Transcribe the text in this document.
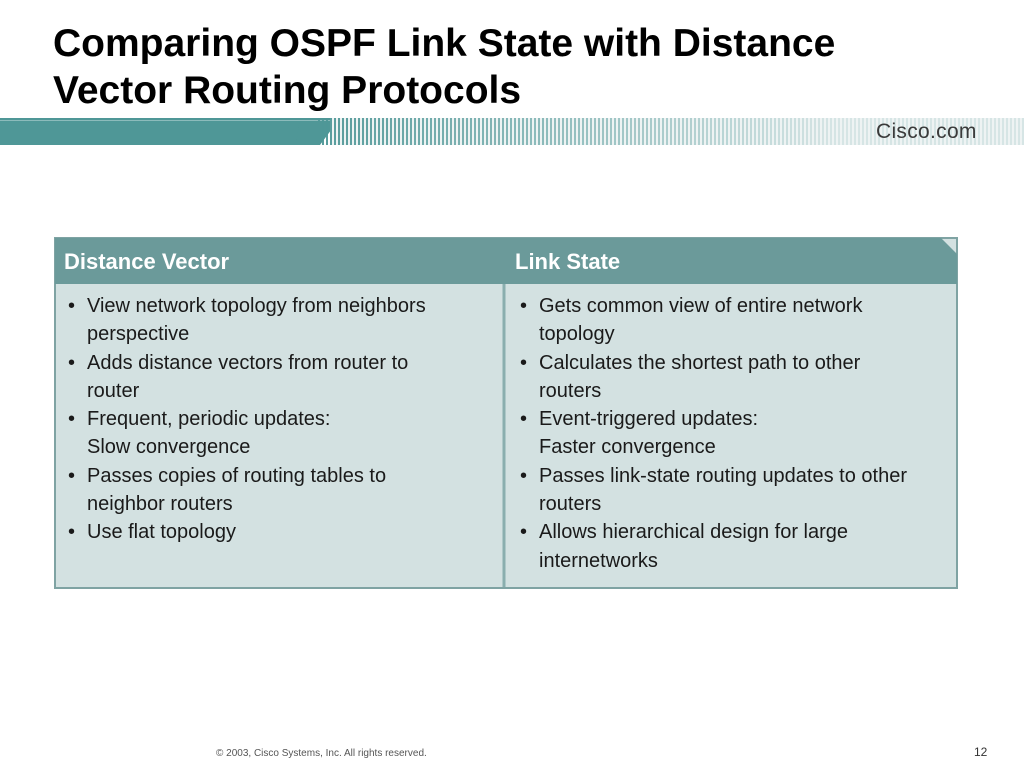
Comparing OSPF Link State with Distance
Vector Routing Protocols
Cisco.com
Distance Vector	Link State
• View network topology from neighbors
perspective
• Adds distance vectors from router to
router
• Frequent, periodic updates:
Slow convergence
• Passes copies of routing tables to
neighbor routers
• Use flat topology
• Gets common view of entire network
topology
• Calculates the shortest path to other
routers
• Event-triggered updates:
Faster convergence
• Passes link-state routing updates to other
routers
• Allows hierarchical design for large
internetworks
© 2003, Cisco Systems, Inc. All rights reserved.	12
